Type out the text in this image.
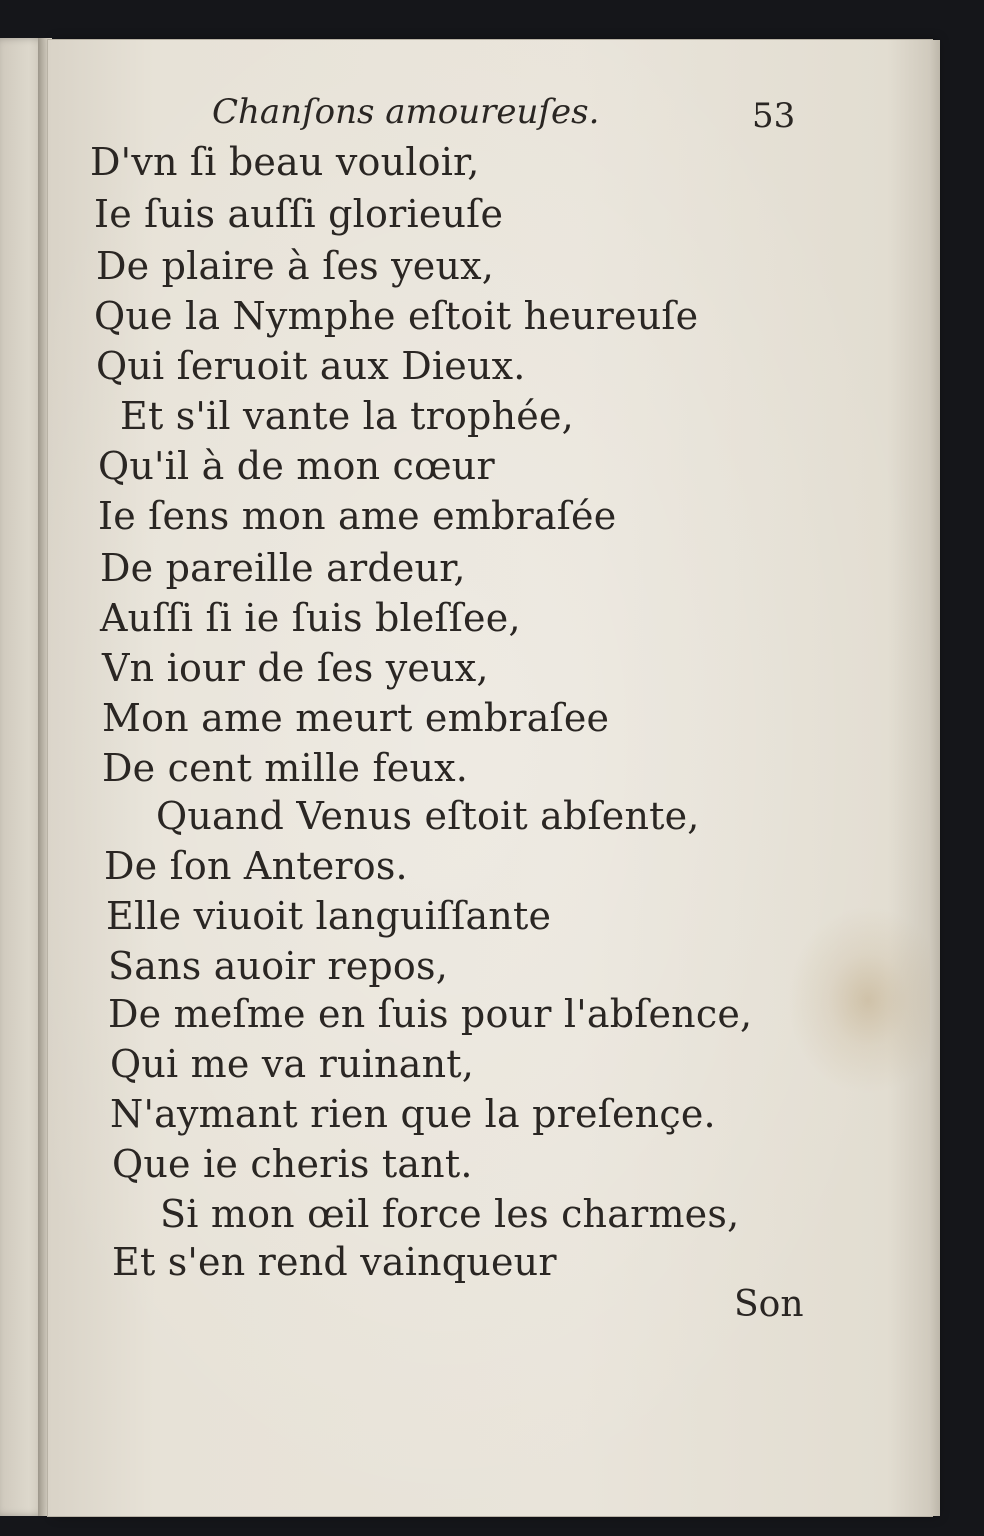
Chanſons amoureuſes.	53
D'vn ſi beau vouloir,
Ie ſuis auſſi glorieuſe
De plaire à ſes yeux,
Que la Nymphe eſtoit heureuſe
Qui ſeruoit aux Dieux.
Et s'il vante la trophée,
Qu'il à de mon cœur
Ie ſens mon ame embraſée
De pareille ardeur,
Auſſi ſi ie ſuis bleſſee,
Vn iour de ſes yeux,
Mon ame meurt embraſee
De cent mille feux.
Quand Venus eſtoit abſente,
De ſon Anteros.
Elle viuoit languiſſante
Sans auoir repos,
De meſme en ſuis pour l'abſence,
Qui me va ruinant,
N'aymant rien que la preſençe.
Que ie cheris tant.
Si mon œil force les charmes,
Et s'en rend vainqueur
Son
